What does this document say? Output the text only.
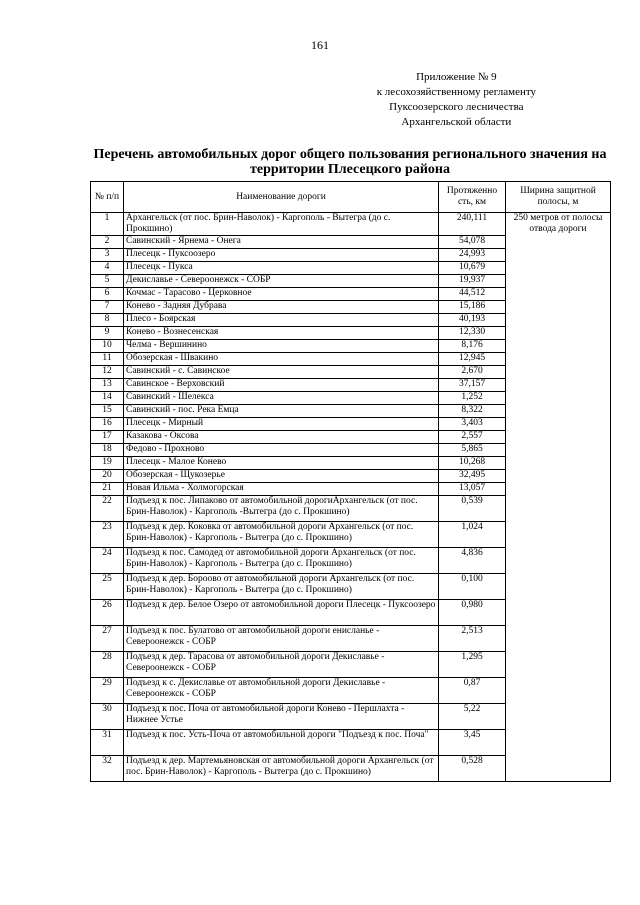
161
Приложение № 9
к лесохозяйственному регламенту
Пуксоозерского лесничества
Архангельской области
Перечень автомобильных дорог общего пользования регионального значения на территории Плесецкого района
№ п/п	Наименование дороги	Протяженно сть, км	Ширина защитной полосы, м
1	Архангельск (от пос. Брин-Наволок) - Каргополь - Вытегра (до с. Прокшино)	240,111	250 метров от полосы отвода дороги
2	Савинский - Ярнема - Онега	54,078	
3	Плесецк - Пуксоозеро	24,993	
4	Плесецк - Пукса	10,679	
5	Декиславье - Североонежск - СОБР	19,937	
6	Кочмас - Тарасово - Церковное	44,512	
7	Конево - Задняя Дубрава	15,186	
8	Плесо - Боярская	40,193	
9	Конево - Вознесенская	12,330	
10	Челма - Вершинино	8,176	
11	Обозерская - Швакино	12,945	
12	Савинский - с. Савинское	2,670	
13	Савинское - Верховский	37,157	
14	Савинский - Шелекса	1,252	
15	Савинский - пос. Река Емца	8,322	
16	Плесецк - Мирный	3,403	
17	Казакова - Оксова	2,557	
18	Федово - Прохново	5,865	
19	Плесецк - Малое Конево	10,268	
20	Обозерская - Щукозерье	32,495	
21	Новая Ильма - Холмогорская	13,057	
22	Подъезд к пос. Липаково от автомобильной дорогиАрхангельск (от пос. Брин-Наволок) - Каргополь -Вытегра (до с. Прокшино)	0,539	
23	Подъезд к дер. Коковка от автомобильной дороги Архангельск (от пос. Брин-Наволок) - Каргополь - Вытегра (до с. Прокшино)	1,024	
24	Подъезд к пос. Самодед от автомобильной дороги Архангельск (от пос. Брин-Наволок) - Каргополь - Вытегра (до с. Прокшино)	4,836	
25	Подъезд к дер. Бороово от автомобильной дороги Архангельск (от пос. Брин-Наволок) - Каргополь - Вытегра (до с. Прокшино)	0,100	
26	Подъезд к дер. Белое Озеро от автомобильной дороги Плесецк - Пуксоозеро	0,980	
27	Подъезд к пос. Булатово от автомобильной дороги енисланье - Североонежск - СОБР	2,513	
28	Подъезд к дер. Тарасова от автомобильной дороги Декиславье - Североонежск - СОБР	1,295	
29	Подъезд к с. Декиславье от автомобильной дороги Декиславье - Североонежск - СОБР	0,87	
30	Подъезд к пос. Поча от автомобильной дороги Конево - Першлахта - Нижнее Устье	5,22	
31	Подъезд к пос. Усть-Поча от автомобильной дороги "Подъезд к пос. Поча"	3,45	
32	Подъезд к дер. Мартемьяновская от автомобильной дороги Архангельск (от пос. Брин-Наволок) - Каргополь - Вытегра (до с. Прокшино)	0,528	
